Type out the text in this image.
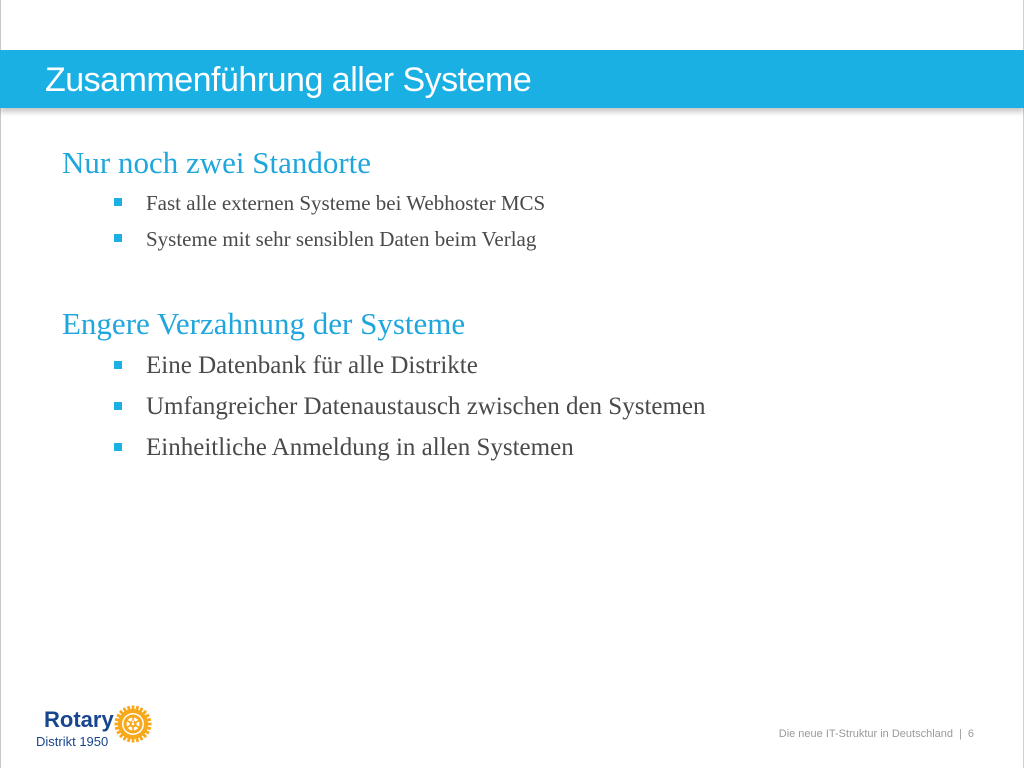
Zusammenführung aller Systeme
Nur noch zwei Standorte
Fast alle externen Systeme bei Webhoster MCS
Systeme mit sehr sensiblen Daten beim Verlag
Engere Verzahnung der Systeme
Eine Datenbank für alle Distrikte
Umfangreicher Datenaustausch zwischen den Systemen
Einheitliche Anmeldung in allen Systemen
Rotary
Distrikt 1950	Die neue IT-Struktur in Deutschland | 6
